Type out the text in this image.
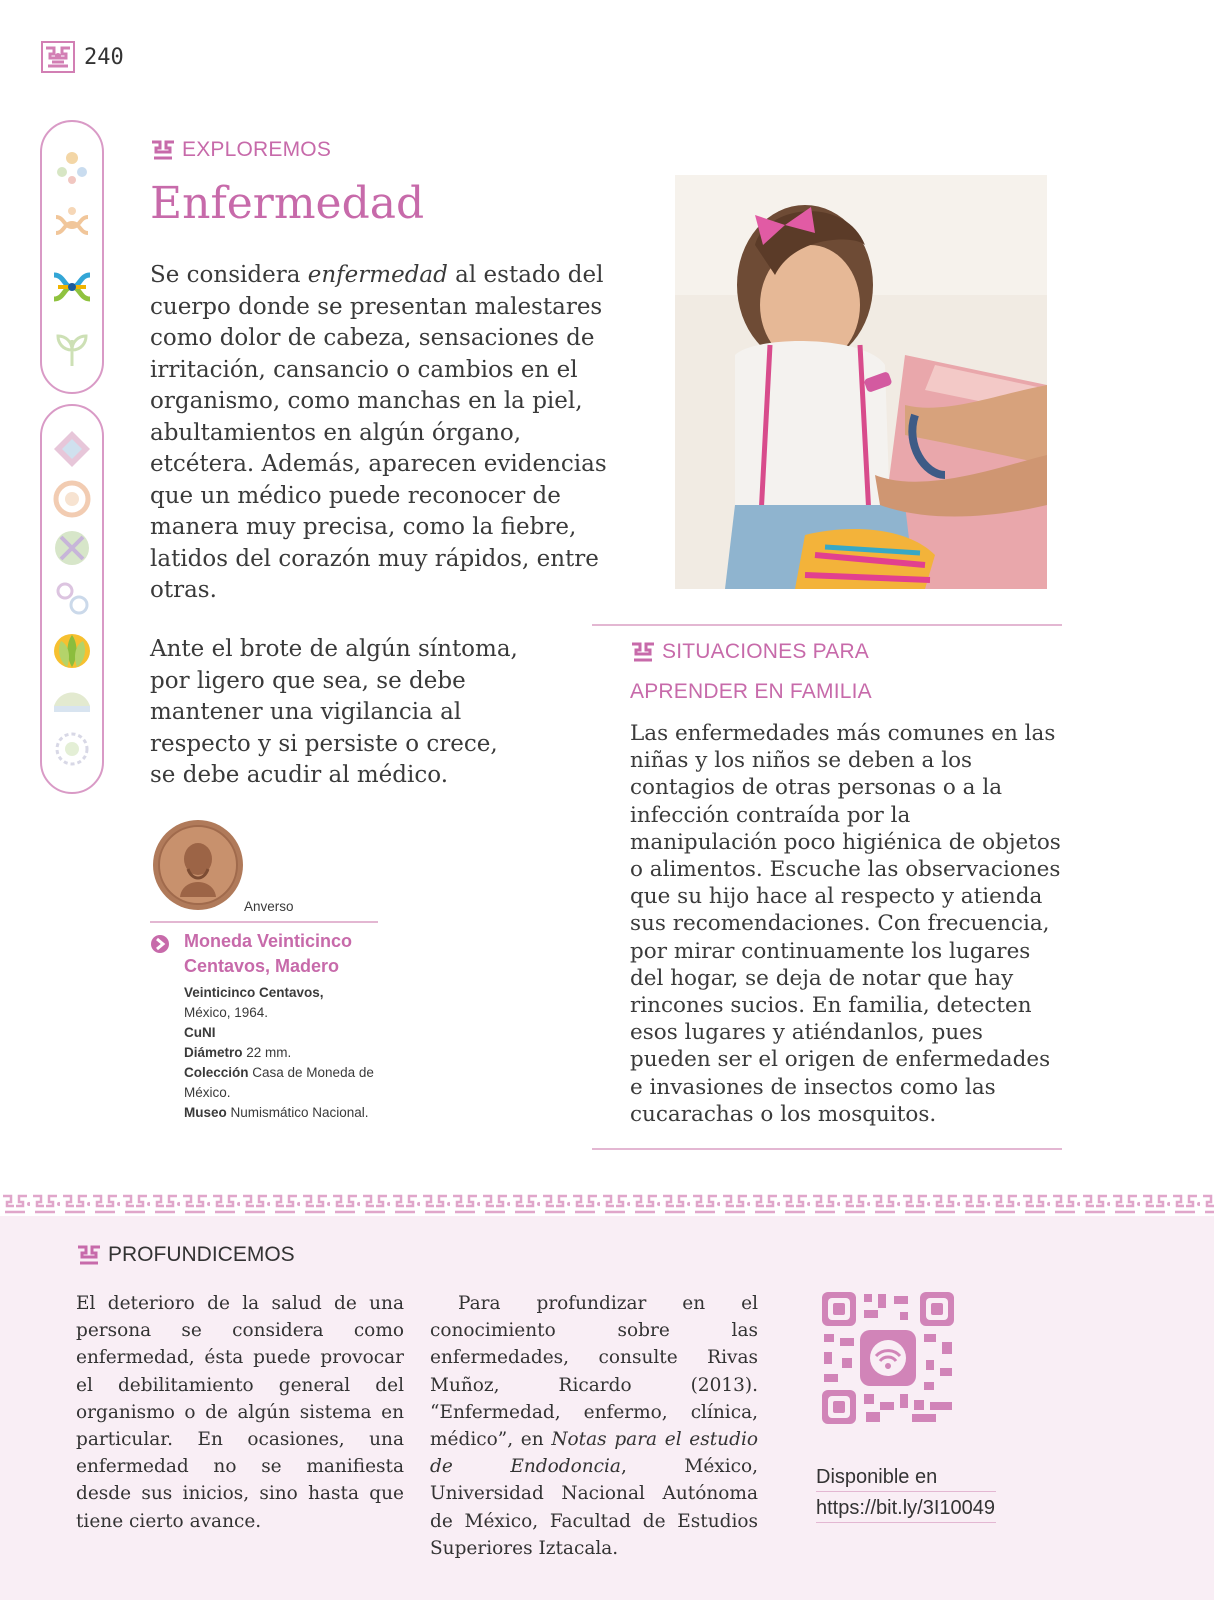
240
EXPLOREMOS
Enfermedad
Se considera enfermedad al estado del cuerpo donde se presentan malestares como dolor de cabeza, sensaciones de irritación, cansancio o cambios en el organismo, como manchas en la piel, abultamientos en algún órgano, etcétera. Además, aparecen evidencias que un médico puede reconocer de manera muy precisa, como la fiebre, latidos del corazón muy rápidos, entre otras.
Ante el brote de algún síntoma, por ligero que sea, se debe mantener una vigilancia al respecto y si persiste o crece, se debe acudir al médico.
Anverso
Moneda Veinticinco Centavos, Madero
Veinticinco Centavos,
México, 1964.
CuNI
Diámetro 22 mm.
Colección Casa de Moneda de México.
Museo Numismático Nacional.
SITUACIONES PARA
APRENDER EN FAMILIA
Las enfermedades más comunes en las niñas y los niños se deben a los contagios de otras personas o a la infección contraída por la manipulación poco higiénica de objetos o alimentos. Escuche las observaciones que su hijo hace al respecto y atienda sus recomendaciones. Con frecuencia, por mirar continuamente los lugares del hogar, se deja de notar que hay rincones sucios. En familia, detecten esos lugares y atiéndanlos, pues pueden ser el origen de enfermedades e invasiones de insectos como las cucarachas o los mosquitos.
PROFUNDICEMOS
El deterioro de la salud de una persona se considera como enfermedad, ésta puede provocar el debilitamiento general del organismo o de algún sistema en particular. En ocasiones, una enfermedad no se manifiesta desde sus inicios, sino hasta que tiene cierto avance.
Para profundizar en el conocimiento sobre las enfermedades, consulte Rivas Muñoz, Ricardo (2013). “Enfermedad, enfermo, clínica, médico”, en Notas para el estudio de Endodoncia, México, Universidad Nacional Autónoma de México, Facultad de Estudios Superiores Iztacala.
Disponible en
https://bit.ly/3I10049
